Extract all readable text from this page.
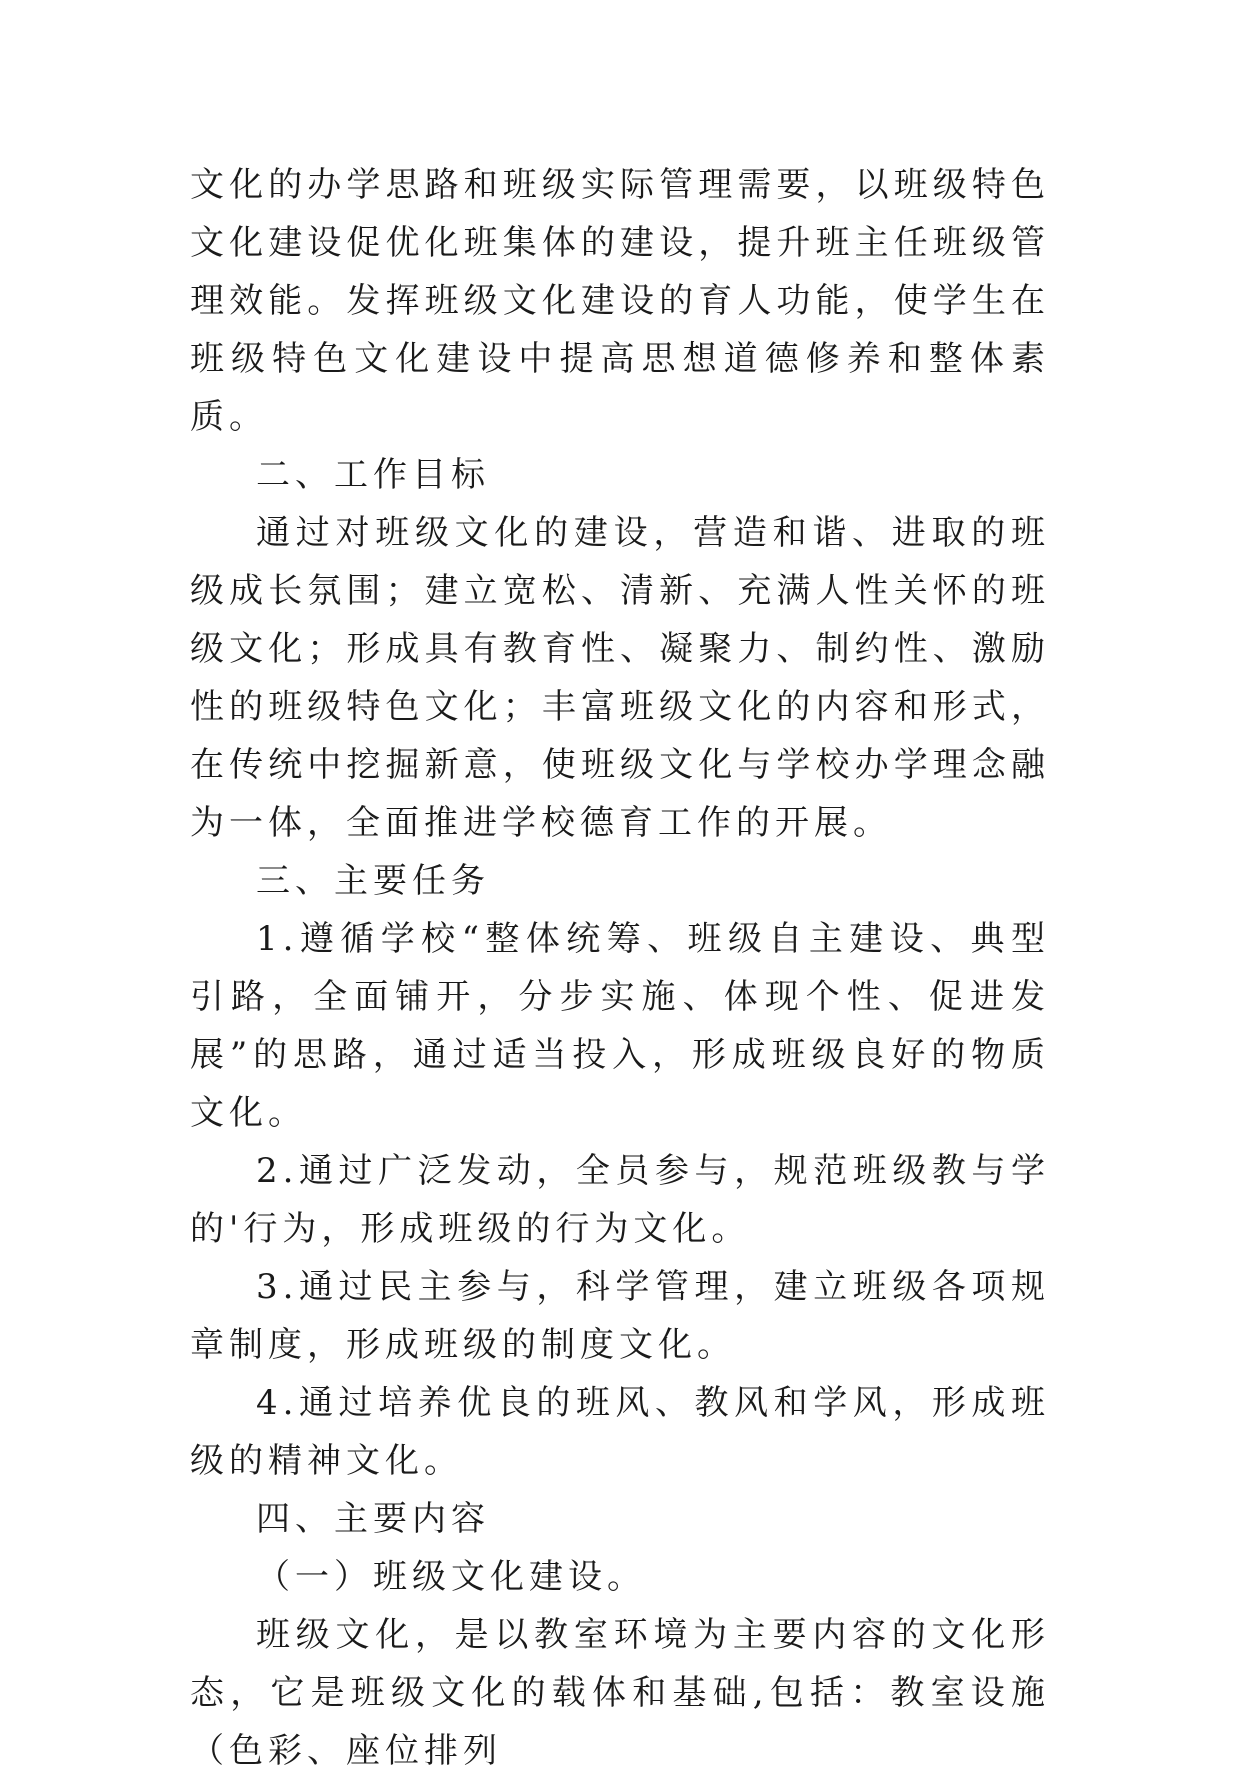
文化的办学思路和班级实际管理需要，以班级特色文化建设促优化班集体的建设，提升班主任班级管理效能。发挥班级文化建设的育人功能，使学生在班级特色文化建设中提高思想道德修养和整体素质。

二、工作目标

通过对班级文化的建设，营造和谐、进取的班级成长氛围；建立宽松、清新、充满人性关怀的班级文化；形成具有教育性、凝聚力、制约性、激励性的班级特色文化；丰富班级文化的内容和形式，在传统中挖掘新意，使班级文化与学校办学理念融为一体，全面推进学校德育工作的开展。

三、主要任务

1.遵循学校“整体统筹、班级自主建设、典型引路，全面铺开，分步实施、体现个性、促进发展”的思路，通过适当投入，形成班级良好的物质文化。

2.通过广泛发动，全员参与，规范班级教与学的'行为，形成班级的行为文化。

3.通过民主参与，科学管理，建立班级各项规章制度，形成班级的制度文化。

4.通过培养优良的班风、教风和学风，形成班级的精神文化。

四、主要内容

（一）班级文化建设。

班级文化，是以教室环境为主要内容的文化形态，它是班级文化的载体和基础,包括：教室设施（色彩、座位排列
